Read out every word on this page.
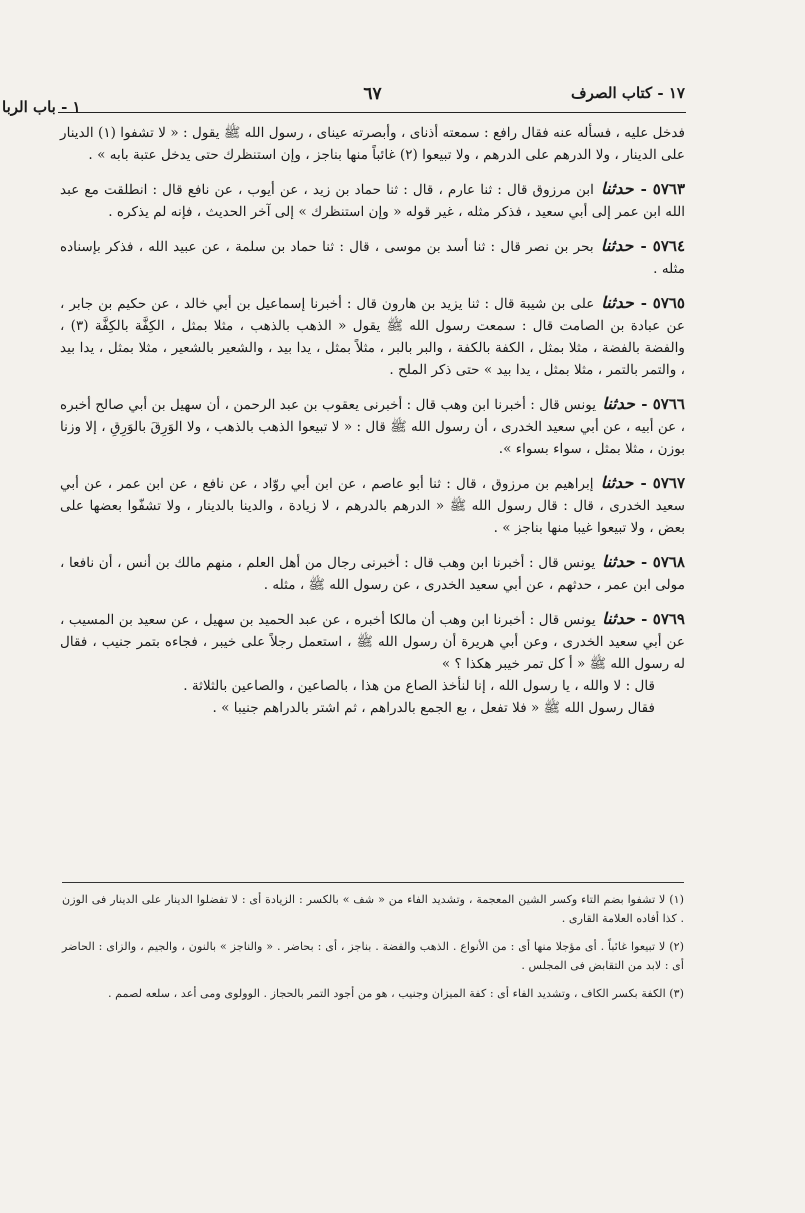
١٧ - كتاب الصرف
٦٧
١ - باب الربا

فدخل عليه ، فسأله عنه فقال رافع : سمعته أذناى ، وأبصرته عيناى ، رسول الله ﷺ يقول : « لا تشفوا (١) الدينار على الدينار ، ولا الدرهم على الدرهم ، ولا تبيعوا (٢) غائباً منها بناجز ، وإن استنظرك حتى يدخل عتبة بابه » .

٥٧٦٣ - حدثنا ابن مرزوق قال : ثنا عارم ، قال : ثنا حماد بن زيد ، عن أيوب ، عن نافع قال : انطلقت مع عبد الله ابن عمر إلى أبي سعيد ، فذكر مثله ، غير قوله « وإن استنظرك » إلى آخر الحديث ، فإنه لم يذكره .
٥٧٦٤ - حدثنا بحر بن نصر قال : ثنا أسد بن موسى ، قال : ثنا حماد بن سلمة ، عن عبيد الله ، فذكر بإسناده مثله .
٥٧٦٥ - حدثنا على بن شيبة قال : ثنا يزيد بن هارون قال : أخبرنا إسماعيل بن أبي خالد ، عن حكيم بن جابر ، عن عبادة بن الصامت قال : سمعت رسول الله ﷺ يقول « الذهب بالذهب ، مثلا بمثل ، الكِفَّة بالكِفَّة (٣) ، والفضة بالفضة ، مثلا بمثل ، الكفة بالكفة ، والبر بالبر ، مثلاً بمثل ، يدا بيد ، والشعير بالشعير ، مثلا بمثل ، يدا بيد ، والتمر بالتمر ، مثلا بمثل ، يدا بيد » حتى ذكر الملح .
٥٧٦٦ - حدثنا يونس قال : أخبرنا ابن وهب قال : أخبرنى يعقوب بن عبد الرحمن ، أن سهيل بن أبي صالح أخبره ، عن أبيه ، عن أبي سعيد الخدرى ، أن رسول الله ﷺ قال : « لا تبيعوا الذهب بالذهب ، ولا الوَرِقَ بالوَرِقِ ، إلا وزنا بوزن ، مثلا بمثل ، سواء بسواء ».
٥٧٦٧ - حدثنا إبراهيم بن مرزوق ، قال : ثنا أبو عاصم ، عن ابن أبي روّاد ، عن نافع ، عن ابن عمر ، عن أبي سعيد الخدرى ، قال : قال رسول الله ﷺ « الدرهم بالدرهم ، لا زيادة ، والدينا بالدينار ، ولا تشفّوا بعضها على بعض ، ولا تبيعوا غيبا منها بناجز » .
٥٧٦٨ - حدثنا يونس قال : أخبرنا ابن وهب قال : أخبرنى رجال من أهل العلم ، منهم مالك بن أنس ، أن نافعا ، مولى ابن عمر ، حدثهم ، عن أبي سعيد الخدرى ، عن رسول الله ﷺ ، مثله .
٥٧٦٩ - حدثنا يونس قال : أخبرنا ابن وهب أن مالكا أخبره ، عن عبد الحميد بن سهيل ، عن سعيد بن المسيب ، عن أبي سعيد الخدرى ، وعن أبي هريرة أن رسول الله ﷺ ، استعمل رجلاً على خيبر ، فجاءه بتمر جنيب ، فقال له رسول الله ﷺ « أ كل تمر خيبر هكذا ؟ »

قال : لا والله ، يا رسول الله ، إنا لنأخذ الصاع من هذا ، بالصاعين ، والصاعين بالثلاثة .

فقال رسول الله ﷺ « فلا تفعل ، بع الجمع بالدراهم ، ثم اشتر بالدراهم جنيبا » .

(١) لا تشفوا بضم التاء وكسر الشين المعجمة ، وتشديد الفاء من « شف » بالكسر : الزيادة أى : لا تفضلوا الدينار على الدينار فى الوزن . كذا أفاده العلامة القارى .

(٢) لا تبيعوا غائباً . أى مؤجلا منها أى : من الأنواع . الذهب والفضة . بناجز ، أى : بحاضر . « والناجز » بالنون ، والجيم ، والزاى : الحاضر أى : لابد من التقابض فى المجلس .

(٣) الكفة بكسر الكاف ، وتشديد الفاء أى : كفة الميزان وجنيب ، هو من أجود التمر بالحجاز . الوولوى ومى أعد ، سلعه لصمم .
